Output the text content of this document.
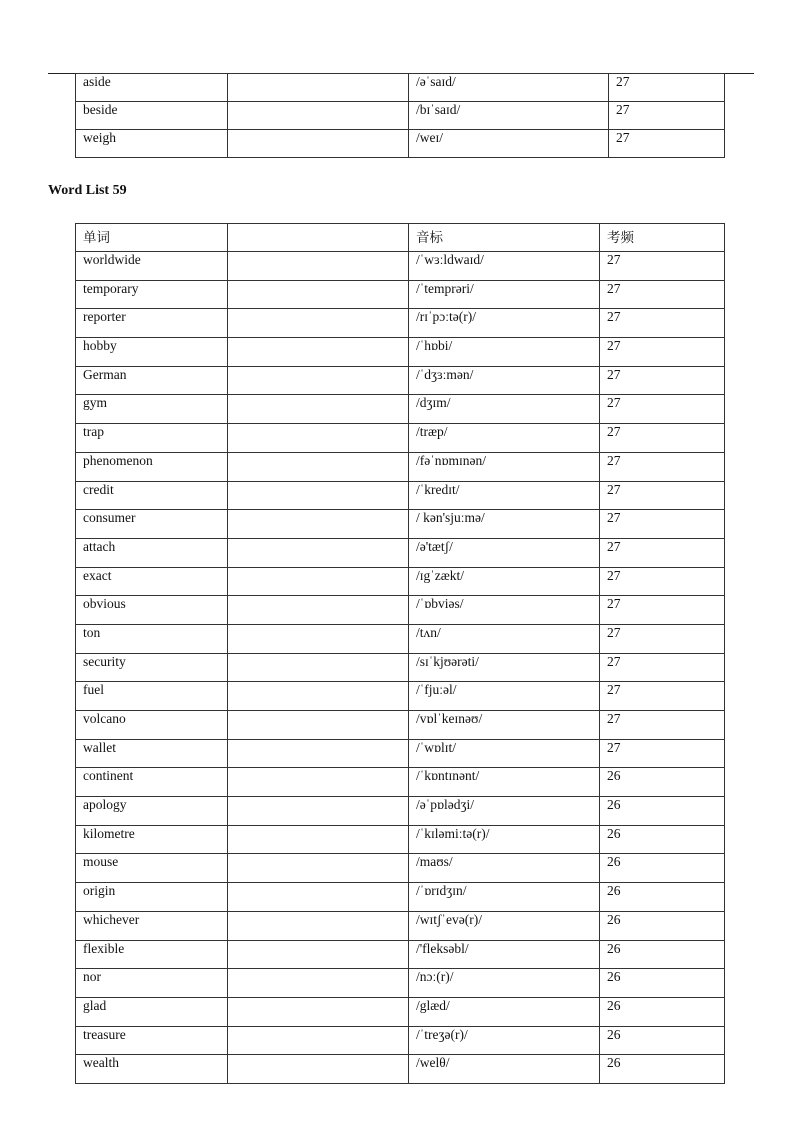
aside		/əˈsaɪd/	27
beside		/bɪˈsaɪd/	27
weigh		/weɪ/	27
Word List 59
单词		音标	考频
worldwide		/ˈwɜːldwaɪd/	27
temporary		/ˈtemprəri/	27
reporter		/rɪˈpɔːtə(r)/	27
hobby		/ˈhɒbi/	27
German		/ˈdʒɜːmən/	27
gym		/dʒɪm/	27
trap		/træp/	27
phenomenon		/fəˈnɒmɪnən/	27
credit		/ˈkredɪt/	27
consumer		/ kən'sjuːmə/	27
attach		/ə'tætʃ/	27
exact		/ɪgˈzækt/	27
obvious		/ˈɒbviəs/	27
ton		/tʌn/	27
security		/sɪˈkjʊərəti/	27
fuel		/ˈfjuːəl/	27
volcano		/vɒlˈkeɪnəʊ/	27
wallet		/ˈwɒlɪt/	27
continent		/ˈkɒntɪnənt/	26
apology		/əˈpɒlədʒi/	26
kilometre		/ˈkɪləmiːtə(r)/	26
mouse		/maʊs/	26
origin		/ˈɒrɪdʒɪn/	26
whichever		/wɪtʃˈevə(r)/	26
flexible		/'fleksəbl/	26
nor		/nɔː(r)/	26
glad		/glæd/	26
treasure		/ˈtreʒə(r)/	26
wealth		/welθ/	26
